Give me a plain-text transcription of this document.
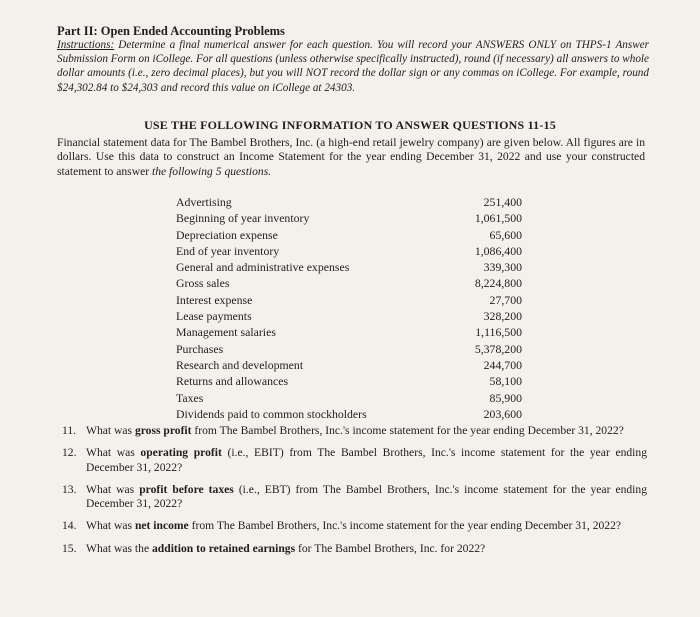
Part II: Open Ended Accounting Problems
Instructions: Determine a final numerical answer for each question. You will record your ANSWERS ONLY on THPS-1 Answer Submission Form on iCollege. For all questions (unless otherwise specifically instructed), round (if necessary) all answers to whole dollar amounts (i.e., zero decimal places), but you will NOT record the dollar sign or any commas on iCollege. For example, round $24,302.84 to $24,303 and record this value on iCollege at 24303.
USE THE FOLLOWING INFORMATION TO ANSWER QUESTIONS 11-15
Financial statement data for The Bambel Brothers, Inc. (a high-end retail jewelry company) are given below. All figures are in dollars. Use this data to construct an Income Statement for the year ending December 31, 2022 and use your constructed statement to answer the following 5 questions.
Advertising	251,400
Beginning of year inventory	1,061,500
Depreciation expense	65,600
End of year inventory	1,086,400
General and administrative expenses	339,300
Gross sales	8,224,800
Interest expense	27,700
Lease payments	328,200
Management salaries	1,116,500
Purchases	5,378,200
Research and development	244,700
Returns and allowances	58,100
Taxes	85,900
Dividends paid to common stockholders	203,600
11. What was gross profit from The Bambel Brothers, Inc.'s income statement for the year ending December 31, 2022?
12. What was operating profit (i.e., EBIT) from The Bambel Brothers, Inc.'s income statement for the year ending December 31, 2022?
13. What was profit before taxes (i.e., EBT) from The Bambel Brothers, Inc.'s income statement for the year ending December 31, 2022?
14. What was net income from The Bambel Brothers, Inc.'s income statement for the year ending December 31, 2022?
15. What was the addition to retained earnings for The Bambel Brothers, Inc. for 2022?
